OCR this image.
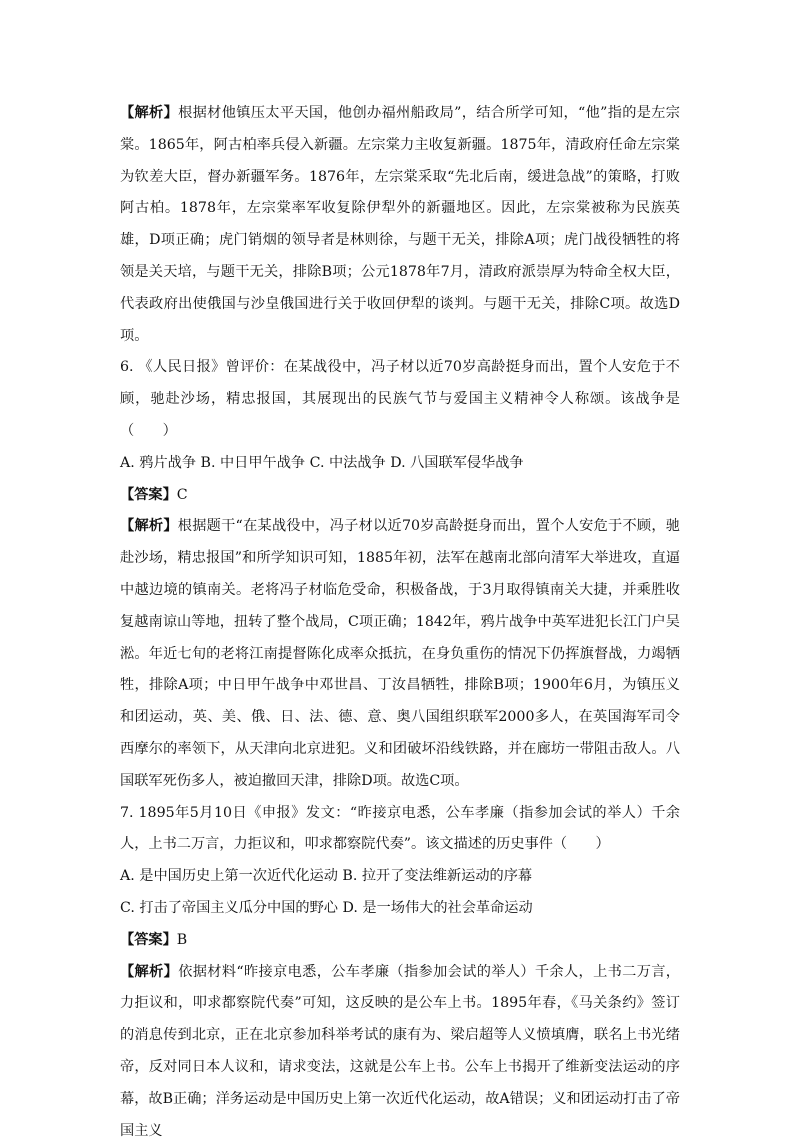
【解析】根据材他镇压太平天国，他创办福州船政局”，结合所学可知，“他”指的是左宗棠。1865年，阿古柏率兵侵入新疆。左宗棠力主收复新疆。1875年，清政府任命左宗棠为钦差大臣，督办新疆军务。1876年，左宗棠采取“先北后南，缓进急战”的策略，打败阿古柏。1878年，左宗棠率军收复除伊犁外的新疆地区。因此，左宗棠被称为民族英雄，D项正确；虎门销烟的领导者是林则徐，与题干无关，排除A项；虎门战役牺牲的将领是关天培，与题干无关，排除B项；公元1878年7月，清政府派崇厚为特命全权大臣，代表政府出使俄国与沙皇俄国进行关于收回伊犁的谈判。与题干无关，排除C项。故选D项。

6. 《人民日报》曾评价：在某战役中，冯子材以近70岁高龄挺身而出，置个人安危于不顾，驰赴沙场，精忠报国，其展现出的民族气节与爱国主义精神令人称颂。该战争是（　　）

A. 鸦片战争 B. 中日甲午战争 C. 中法战争 D. 八国联军侵华战争

【答案】C

【解析】根据题干“在某战役中，冯子材以近70岁高龄挺身而出，置个人安危于不顾，驰赴沙场，精忠报国”和所学知识可知，1885年初，法军在越南北部向清军大举进攻，直逼中越边境的镇南关。老将冯子材临危受命，积极备战，于3月取得镇南关大捷，并乘胜收复越南谅山等地，扭转了整个战局，C项正确；1842年，鸦片战争中英军进犯长江门户吴淞。年近七旬的老将江南提督陈化成率众抵抗，在身负重伤的情况下仍挥旗督战，力竭牺牲，排除A项；中日甲午战争中邓世昌、丁汝昌牺牲，排除B项；1900年6月，为镇压义和团运动，英、美、俄、日、法、德、意、奥八国组织联军2000多人，在英国海军司令西摩尔的率领下，从天津向北京进犯。义和团破坏沿线铁路，并在廊坊一带阻击敌人。八国联军死伤多人，被迫撤回天津，排除D项。故选C项。

7. 1895年5月10日《申报》发文：“昨接京电悉，公车孝廉（指参加会试的举人）千余人，上书二万言，力拒议和，叩求都察院代奏”。该文描述的历史事件（　　）

A. 是中国历史上第一次近代化运动 B. 拉开了变法维新运动的序幕

C. 打击了帝国主义瓜分中国的野心 D. 是一场伟大的社会革命运动

【答案】B

【解析】依据材料“昨接京电悉，公车孝廉（指参加会试的举人）千余人，上书二万言，力拒议和，叩求都察院代奏”可知，这反映的是公车上书。1895年春，《马关条约》签订的消息传到北京，正在北京参加科举考试的康有为、梁启超等人义愤填膺，联名上书光绪帝，反对同日本人议和，请求变法，这就是公车上书。公车上书揭开了维新变法运动的序幕，故B正确；洋务运动是中国历史上第一次近代化运动，故A错误；义和团运动打击了帝国主义
